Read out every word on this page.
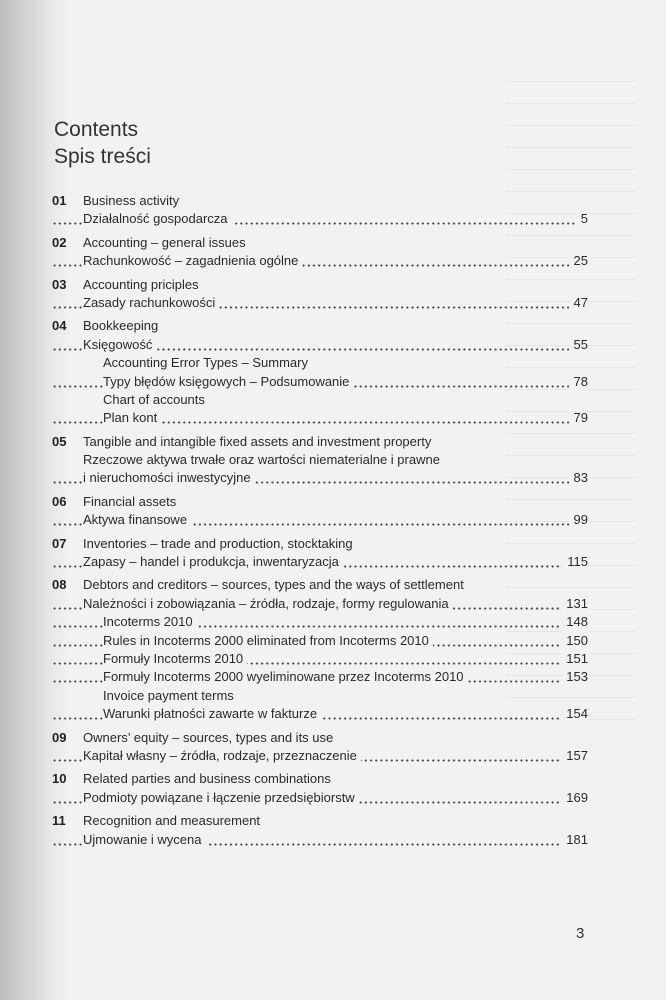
Contents
Spis treści
01 Business activity
Działalność gospodarcza	5
02 Accounting – general issues
Rachunkowość – zagadnienia ogólne	25
03 Accounting priciples
Zasady rachunkowości	47
04 Bookkeeping
Księgowość	55
Accounting Error Types – Summary
Typy błędów księgowych – Podsumowanie	78
Chart of accounts
Plan kont	79
05 Tangible and intangible fixed assets and investment property
Rzeczowe aktywa trwałe oraz wartości niematerialne i prawne
i nieruchomości inwestycyjne	83
06 Financial assets
Aktywa finansowe	99
07 Inventories – trade and production, stocktaking
Zapasy – handel i produkcja, inwentaryzacja	115
08 Debtors and creditors – sources, types and the ways of settlement
Należności i zobowiązania – źródła, rodzaje, formy regulowania	131
Incoterms 2010	148
Rules in Incoterms 2000 eliminated from Incoterms 2010	150
Formuły Incoterms 2010	151
Formuły Incoterms 2000 wyeliminowane przez Incoterms 2010	153
Invoice payment terms
Warunki płatności zawarte w fakturze	154
09 Owners’ equity – sources, types and its use
Kapitał własny – źródła, rodzaje, przeznaczenie	157
10 Related parties and business combinations
Podmioty powiązane i łączenie przedsiębiorstw	169
11 Recognition and measurement
Ujmowanie i wycena	181
3
